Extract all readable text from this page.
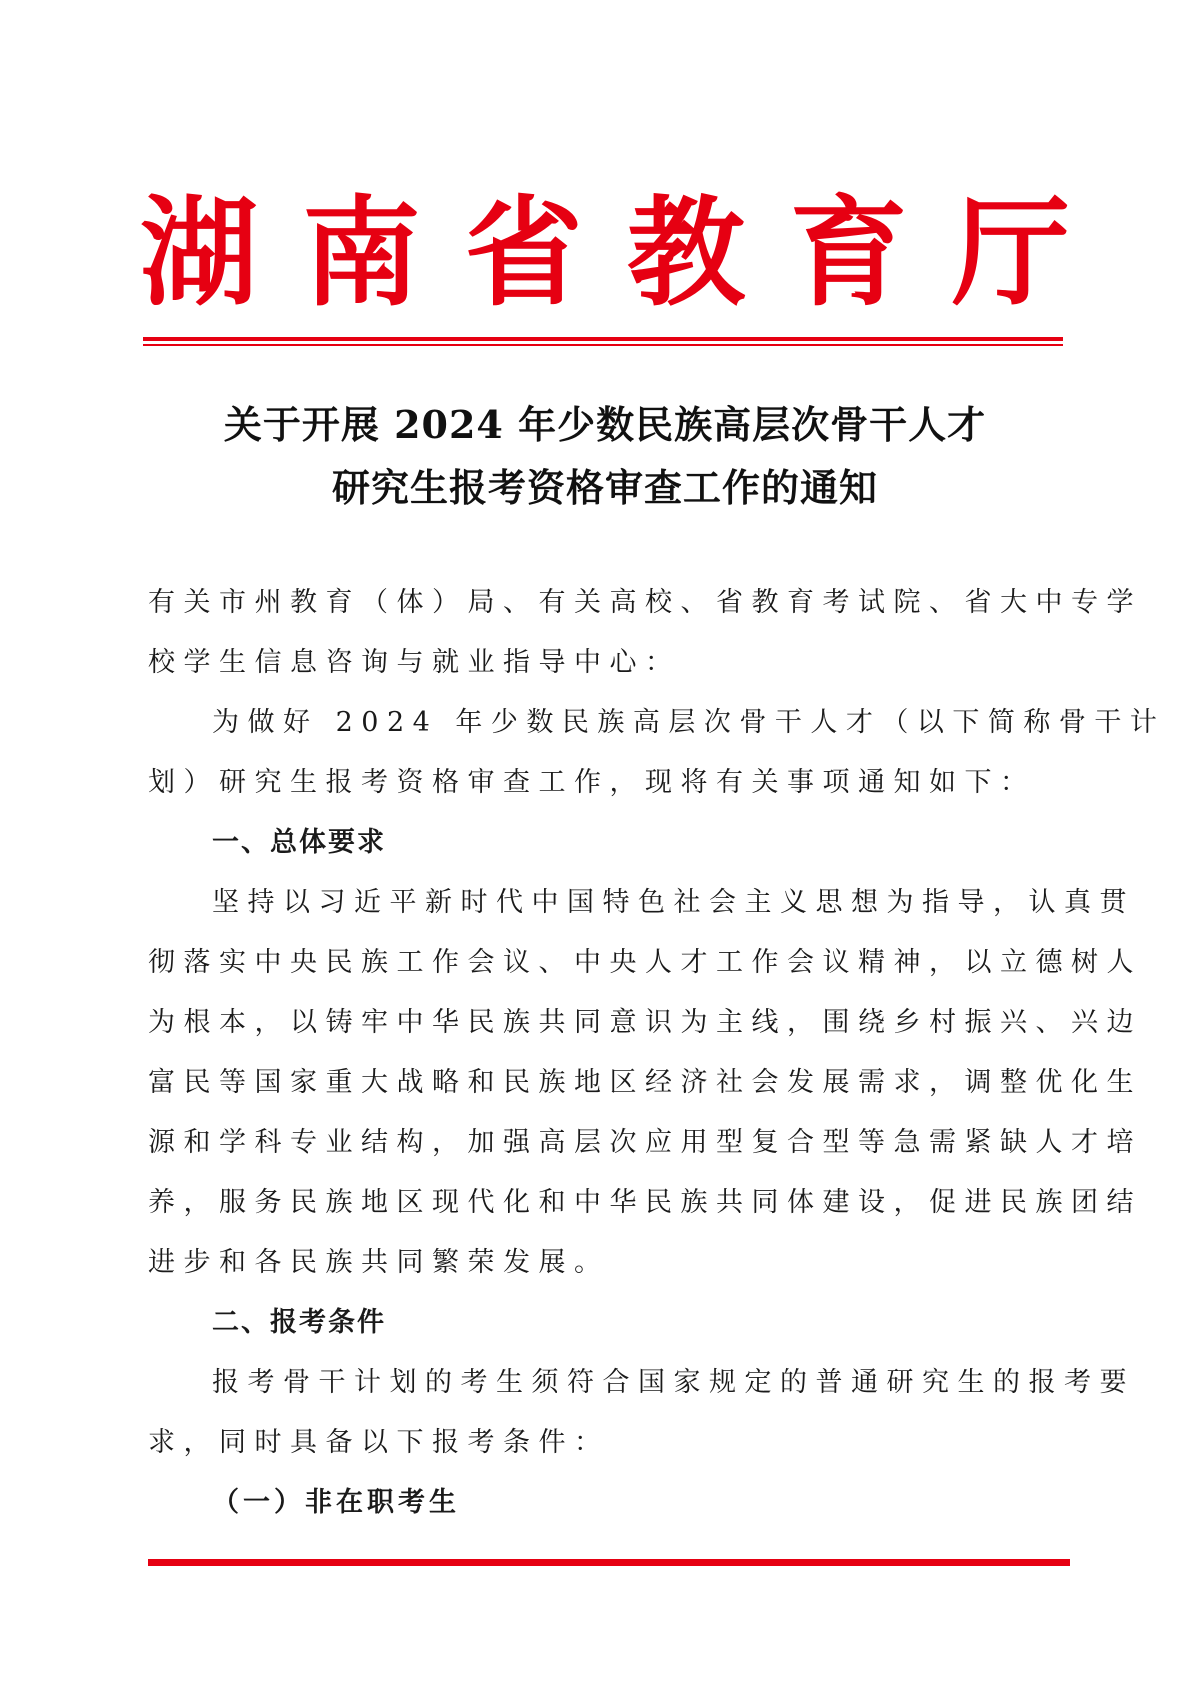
湖 南 省 教 育 厅
关于开展 2024 年少数民族高层次骨干人才
研究生报考资格审查工作的通知
有关市州教育（体）局、有关高校、省教育考试院、省大中专学
校学生信息咨询与就业指导中心：
为做好 2024 年少数民族高层次骨干人才（以下简称骨干计
划）研究生报考资格审查工作，现将有关事项通知如下：
一、总体要求
坚持以习近平新时代中国特色社会主义思想为指导，认真贯
彻落实中央民族工作会议、中央人才工作会议精神，以立德树人
为根本，以铸牢中华民族共同意识为主线，围绕乡村振兴、兴边
富民等国家重大战略和民族地区经济社会发展需求，调整优化生
源和学科专业结构，加强高层次应用型复合型等急需紧缺人才培
养，服务民族地区现代化和中华民族共同体建设，促进民族团结
进步和各民族共同繁荣发展。
二、报考条件
报考骨干计划的考生须符合国家规定的普通研究生的报考要
求，同时具备以下报考条件：
（一）非在职考生
